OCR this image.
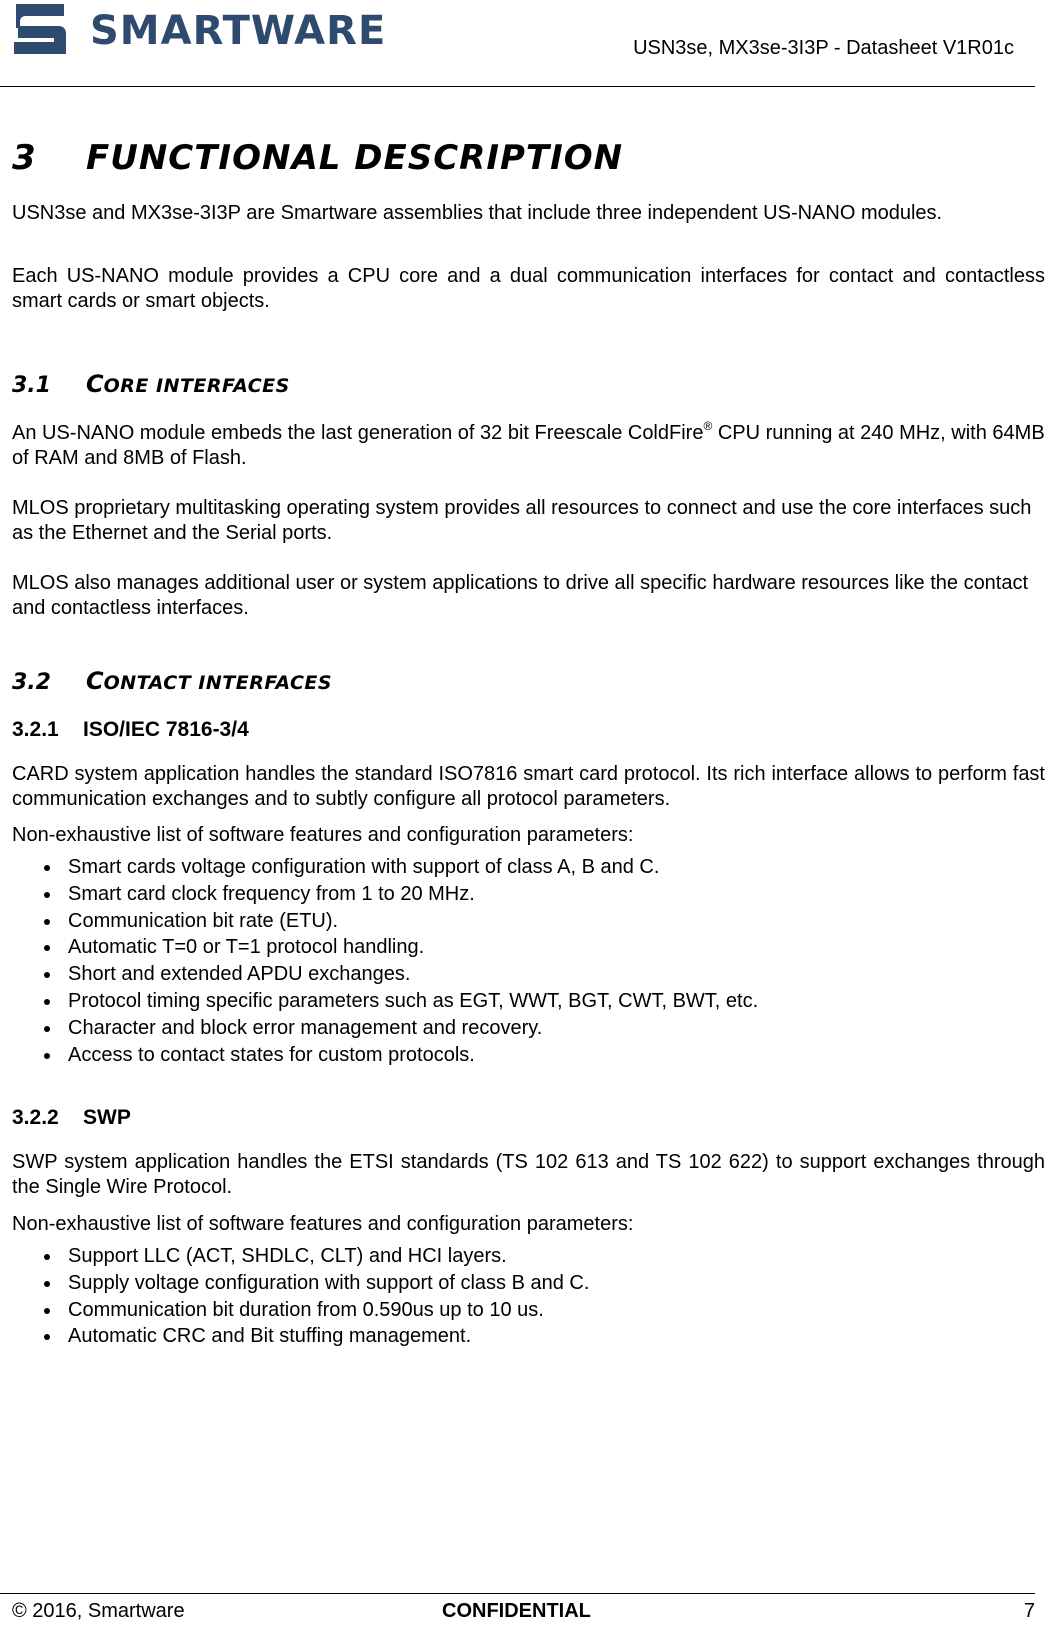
SMARTWARE	USN3se, MX3se-3I3P - Datasheet V1R01c
3 FUNCTIONAL DESCRIPTION

USN3se and MX3se-3I3P are Smartware assemblies that include three independent US-NANO modules.

Each US-NANO module provides a CPU core and a dual communication interfaces for contact and contactless smart cards or smart objects.

3.1 CORE INTERFACES

An US-NANO module embeds the last generation of 32 bit Freescale ColdFire® CPU running at 240 MHz, with 64MB of RAM and 8MB of Flash.

MLOS proprietary multitasking operating system provides all resources to connect and use the core interfaces such as the Ethernet and the Serial ports.

MLOS also manages additional user or system applications to drive all specific hardware resources like the contact and contactless interfaces.

3.2 CONTACT INTERFACES
3.2.1 ISO/IEC 7816-3/4

CARD system application handles the standard ISO7816 smart card protocol. Its rich interface allows to perform fast communication exchanges and to subtly configure all protocol parameters.

Non-exhaustive list of software features and configuration parameters:

Smart cards voltage configuration with support of class A, B and C.
Smart card clock frequency from 1 to 20 MHz.
Communication bit rate (ETU).
Automatic T=0 or T=1 protocol handling.
Short and extended APDU exchanges.
Protocol timing specific parameters such as EGT, WWT, BGT, CWT, BWT, etc.
Character and block error management and recovery.
Access to contact states for custom protocols.
3.2.2 SWP

SWP system application handles the ETSI standards (TS 102 613 and TS 102 622) to support exchanges through the Single Wire Protocol.

Non-exhaustive list of software features and configuration parameters:

Support LLC (ACT, SHDLC, CLT) and HCI layers.
Supply voltage configuration with support of class B and C.
Communication bit duration from 0.590us up to 10 us.
Automatic CRC and Bit stuffing management.
© 2016, Smartware	CONFIDENTIAL	7
